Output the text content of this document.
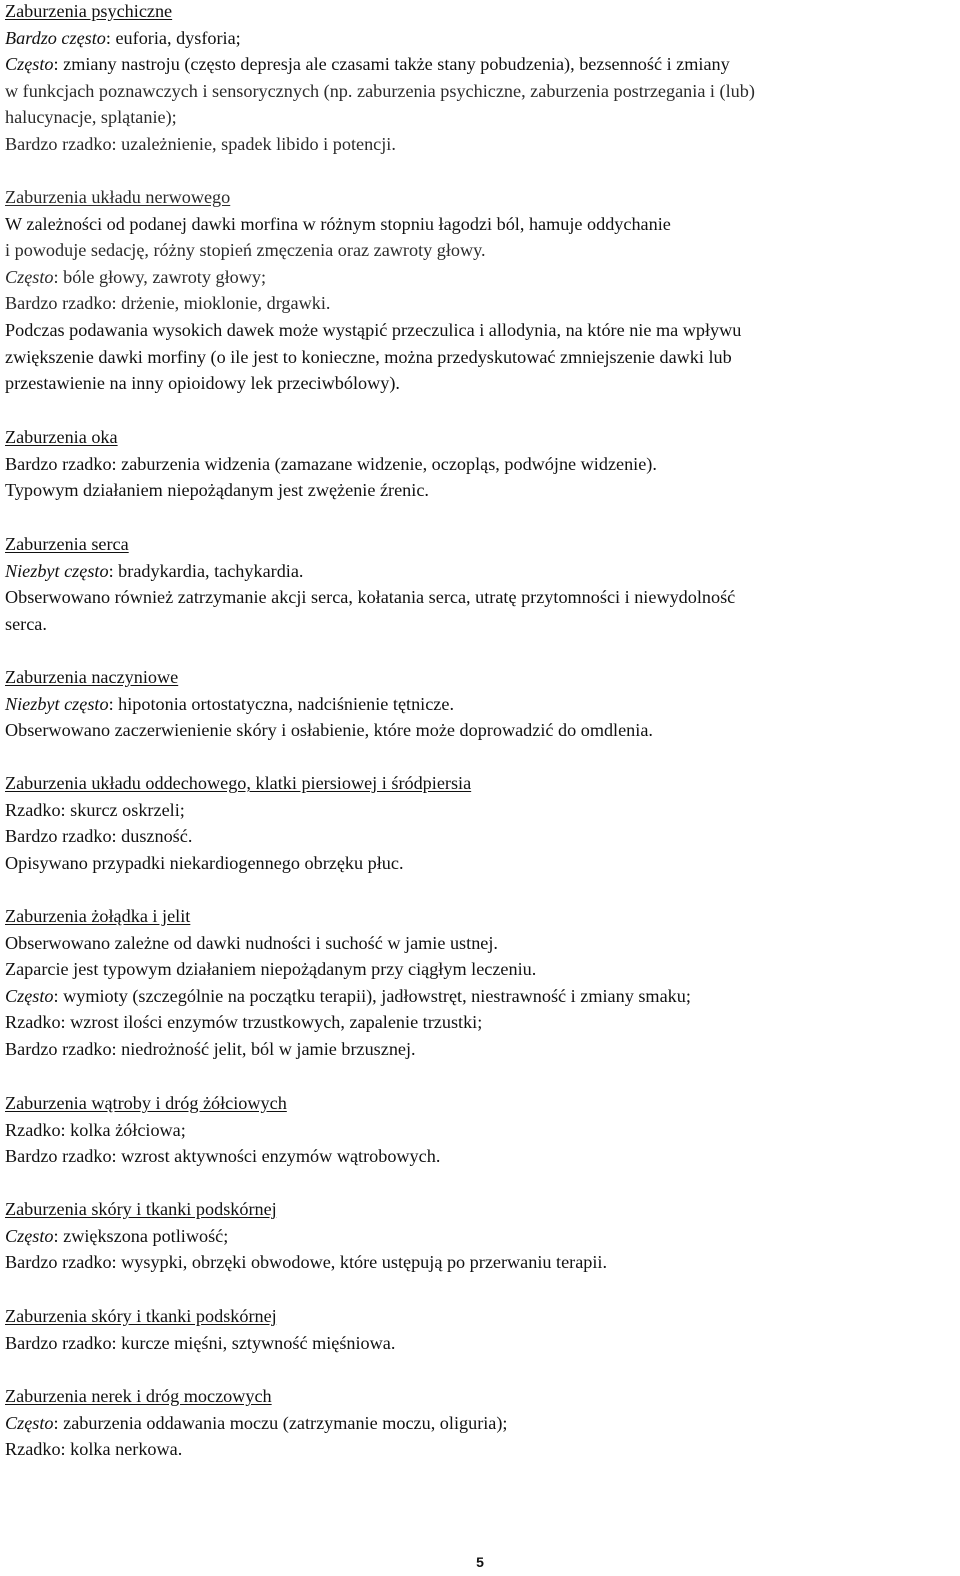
Zaburzenia psychiczne

Bardzo często: euforia, dysforia;

Często: zmiany nastroju (często depresja ale czasami także stany pobudzenia), bezsenność i zmiany

w funkcjach poznawczych i sensorycznych (np. zaburzenia psychiczne, zaburzenia postrzegania i (lub)

halucynacje, splątanie);

Bardzo rzadko: uzależnienie, spadek libido i potencji.

Zaburzenia układu nerwowego

W zależności od podanej dawki morfina w różnym stopniu łagodzi ból, hamuje oddychanie

i powoduje sedację, różny stopień zmęczenia oraz zawroty głowy.

Często: bóle głowy, zawroty głowy;

Bardzo rzadko: drżenie, mioklonie, drgawki.

Podczas podawania wysokich dawek może wystąpić przeczulica i allodynia, na które nie ma wpływu

zwiększenie dawki morfiny (o ile jest to konieczne, można przedyskutować zmniejszenie dawki lub

przestawienie na inny opioidowy lek przeciwbólowy).

Zaburzenia oka

Bardzo rzadko: zaburzenia widzenia (zamazane widzenie, oczopląs, podwójne widzenie).

Typowym działaniem niepożądanym jest zwężenie źrenic.

Zaburzenia serca

Niezbyt często: bradykardia, tachykardia.

Obserwowano również zatrzymanie akcji serca, kołatania serca, utratę przytomności i niewydolność

serca.

Zaburzenia naczyniowe

Niezbyt często: hipotonia ortostatyczna, nadciśnienie tętnicze.

Obserwowano zaczerwienienie skóry i osłabienie, które może doprowadzić do omdlenia.

Zaburzenia układu oddechowego, klatki piersiowej i śródpiersia

Rzadko: skurcz oskrzeli;

Bardzo rzadko: duszność.

Opisywano przypadki niekardiogennego obrzęku płuc.

Zaburzenia żołądka i jelit

Obserwowano zależne od dawki nudności i suchość w jamie ustnej.

Zaparcie jest typowym działaniem niepożądanym przy ciągłym leczeniu.

Często: wymioty (szczególnie na początku terapii), jadłowstręt, niestrawność i zmiany smaku;

Rzadko: wzrost ilości enzymów trzustkowych, zapalenie trzustki;

Bardzo rzadko: niedrożność jelit, ból w jamie brzusznej.

Zaburzenia wątroby i dróg żółciowych

Rzadko: kolka żółciowa;

Bardzo rzadko: wzrost aktywności enzymów wątrobowych.

Zaburzenia skóry i tkanki podskórnej

Często: zwiększona potliwość;

Bardzo rzadko: wysypki, obrzęki obwodowe, które ustępują po przerwaniu terapii.

Zaburzenia skóry i tkanki podskórnej

Bardzo rzadko: kurcze mięśni, sztywność mięśniowa.

Zaburzenia nerek i dróg moczowych

Często: zaburzenia oddawania moczu (zatrzymanie moczu, oliguria);

Rzadko: kolka nerkowa.

5
